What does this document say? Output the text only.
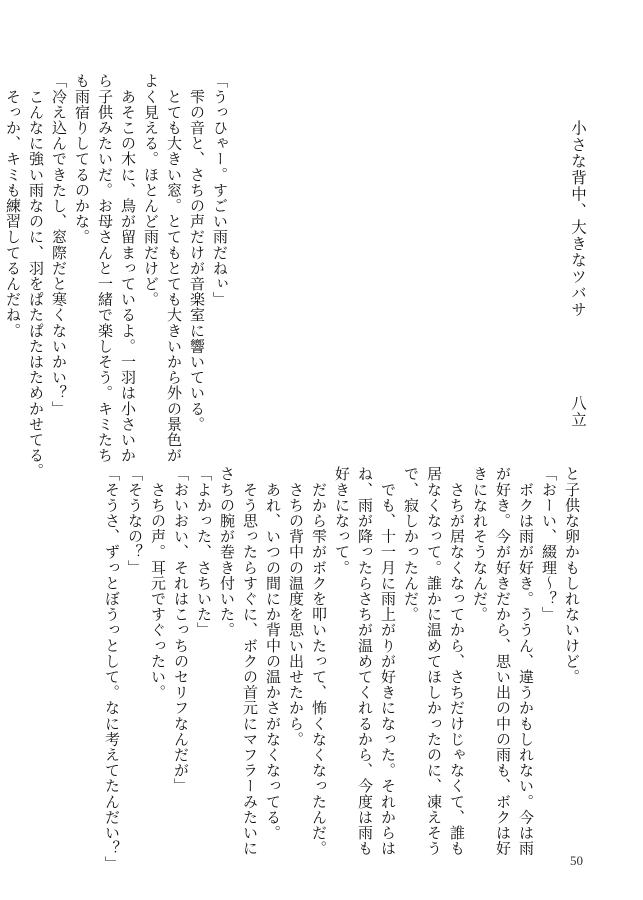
小さな背中、大きなツバサ
八立
「うっひゃー。すごい雨だねぃ」
　雫の音と、さちの声だけが音楽室に響いている。
　とても大きい窓。とてもとても大きいから外の景色が
よく見える。ほとんど雨だけど。
　あそこの木に、鳥が留まっているよ。一羽は小さいか
ら子供みたいだ。お母さんと一緒で楽しそう。キミたち
も雨宿りしてるのかな。
「冷え込んできたし、窓際だと寒くないかい？」
　こんなに強い雨なのに、羽をぱたぱたはためかせてる。
　そっか、キミも練習してるんだね。
と子供な卵かもしれないけど。
「おーい、綴理～？」
　ボクは雨が好き。ううん、違うかもしれない。今は雨
が好き。今が好きだから、思い出の中の雨も、ボクは好
きになれそうなんだ。
　さちが居なくなってから、さちだけじゃなくて、誰も
居なくなって。誰かに温めてほしかったのに、凍えそう
で、寂しかったんだ。
　でも、十一月に雨上がりが好きになった。それからは
ね、雨が降ったらさちが温めてくれるから、今度は雨も
好きになって。
　だから雫がボクを叩いたって、怖くなくなったんだ。
　さちの背中の温度を思い出せたから。
　あれ、いつの間にか背中の温かさがなくなってる。
　そう思ったらすぐに、ボクの首元にマフラーみたいに
さちの腕が巻き付いた。
「よかった、さちいた」
「おいおい、それはこっちのセリフなんだが」
　さちの声。耳元ですぐったい。
「そうなの？」
「そうさ、ずっとぼうっとして。なに考えてたんだい？」	50
